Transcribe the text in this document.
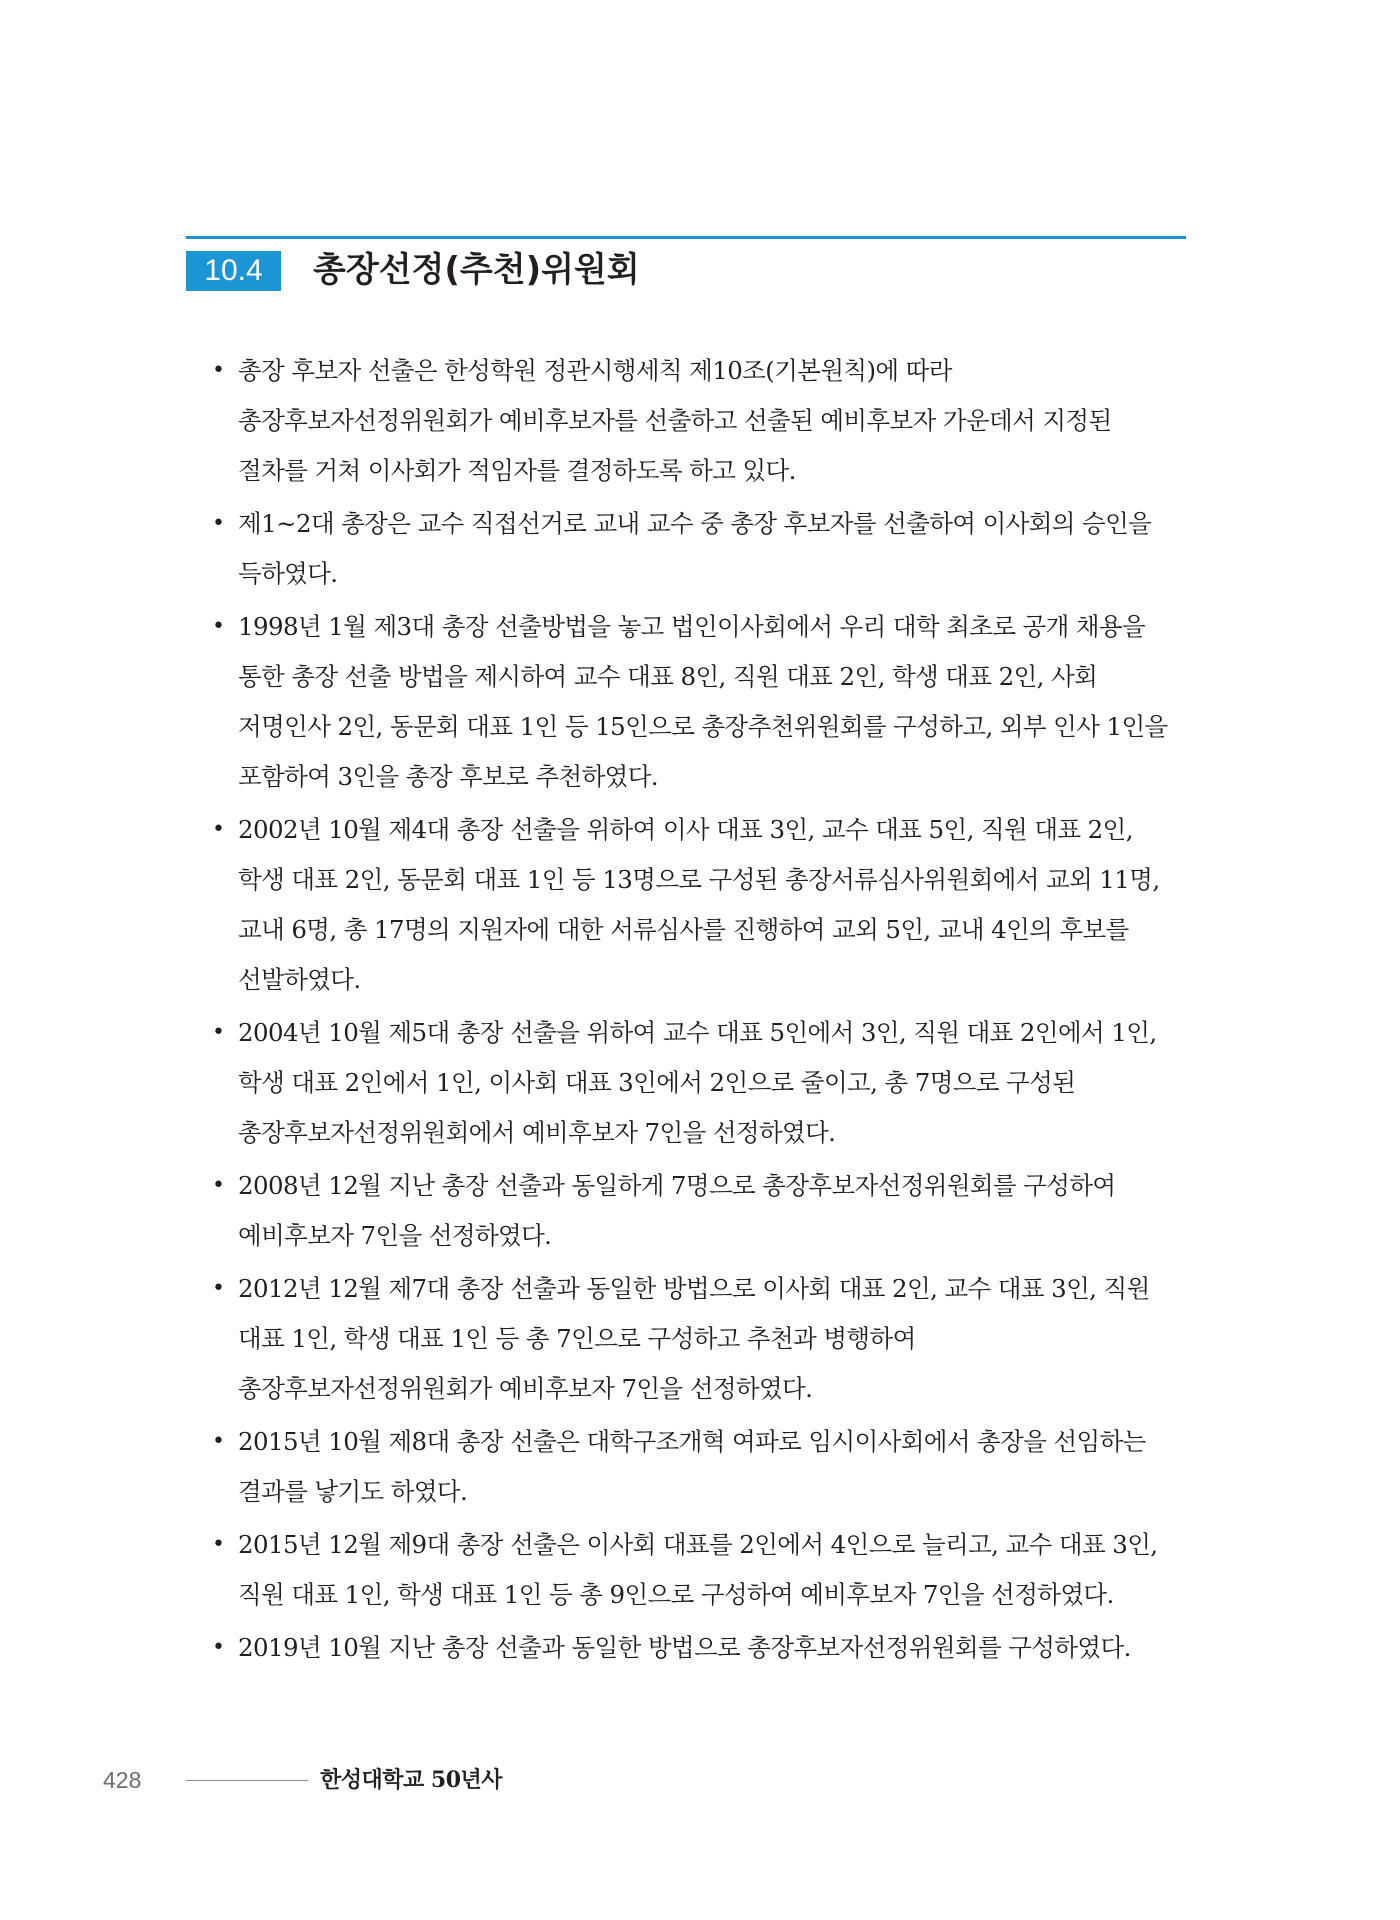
10.4	총장선정(추천)위원회
• 총장 후보자 선출은 한성학원 정관시행세칙 제10조(기본원칙)에 따라 총장후보자선정위원회가 예비후보자를 선출하고 선출된 예비후보자 가운데서 지정된 절차를 거쳐 이사회가 적임자를 결정하도록 하고 있다.
• 제1~2대 총장은 교수 직접선거로 교내 교수 중 총장 후보자를 선출하여 이사회의 승인을 득하였다.
• 1998년 1월 제3대 총장 선출방법을 놓고 법인이사회에서 우리 대학 최초로 공개 채용을 통한 총장 선출 방법을 제시하여 교수 대표 8인, 직원 대표 2인, 학생 대표 2인, 사회 저명인사 2인, 동문회 대표 1인 등 15인으로 총장추천위원회를 구성하고, 외부 인사 1인을 포함하여 3인을 총장 후보로 추천하였다.
• 2002년 10월 제4대 총장 선출을 위하여 이사 대표 3인, 교수 대표 5인, 직원 대표 2인, 학생 대표 2인, 동문회 대표 1인 등 13명으로 구성된 총장서류심사위원회에서 교외 11명, 교내 6명, 총 17명의 지원자에 대한 서류심사를 진행하여 교외 5인, 교내 4인의 후보를 선발하였다.
• 2004년 10월 제5대 총장 선출을 위하여 교수 대표 5인에서 3인, 직원 대표 2인에서 1인, 학생 대표 2인에서 1인, 이사회 대표 3인에서 2인으로 줄이고, 총 7명으로 구성된 총장후보자선정위원회에서 예비후보자 7인을 선정하였다.
• 2008년 12월 지난 총장 선출과 동일하게 7명으로 총장후보자선정위원회를 구성하여 예비후보자 7인을 선정하였다.
• 2012년 12월 제7대 총장 선출과 동일한 방법으로 이사회 대표 2인, 교수 대표 3인, 직원 대표 1인, 학생 대표 1인 등 총 7인으로 구성하고 추천과 병행하여 총장후보자선정위원회가 예비후보자 7인을 선정하였다.
• 2015년 10월 제8대 총장 선출은 대학구조개혁 여파로 임시이사회에서 총장을 선임하는 결과를 낳기도 하였다.
• 2015년 12월 제9대 총장 선출은 이사회 대표를 2인에서 4인으로 늘리고, 교수 대표 3인, 직원 대표 1인, 학생 대표 1인 등 총 9인으로 구성하여 예비후보자 7인을 선정하였다.
• 2019년 10월 지난 총장 선출과 동일한 방법으로 총장후보자선정위원회를 구성하였다.
428	한성대학교 50년사
